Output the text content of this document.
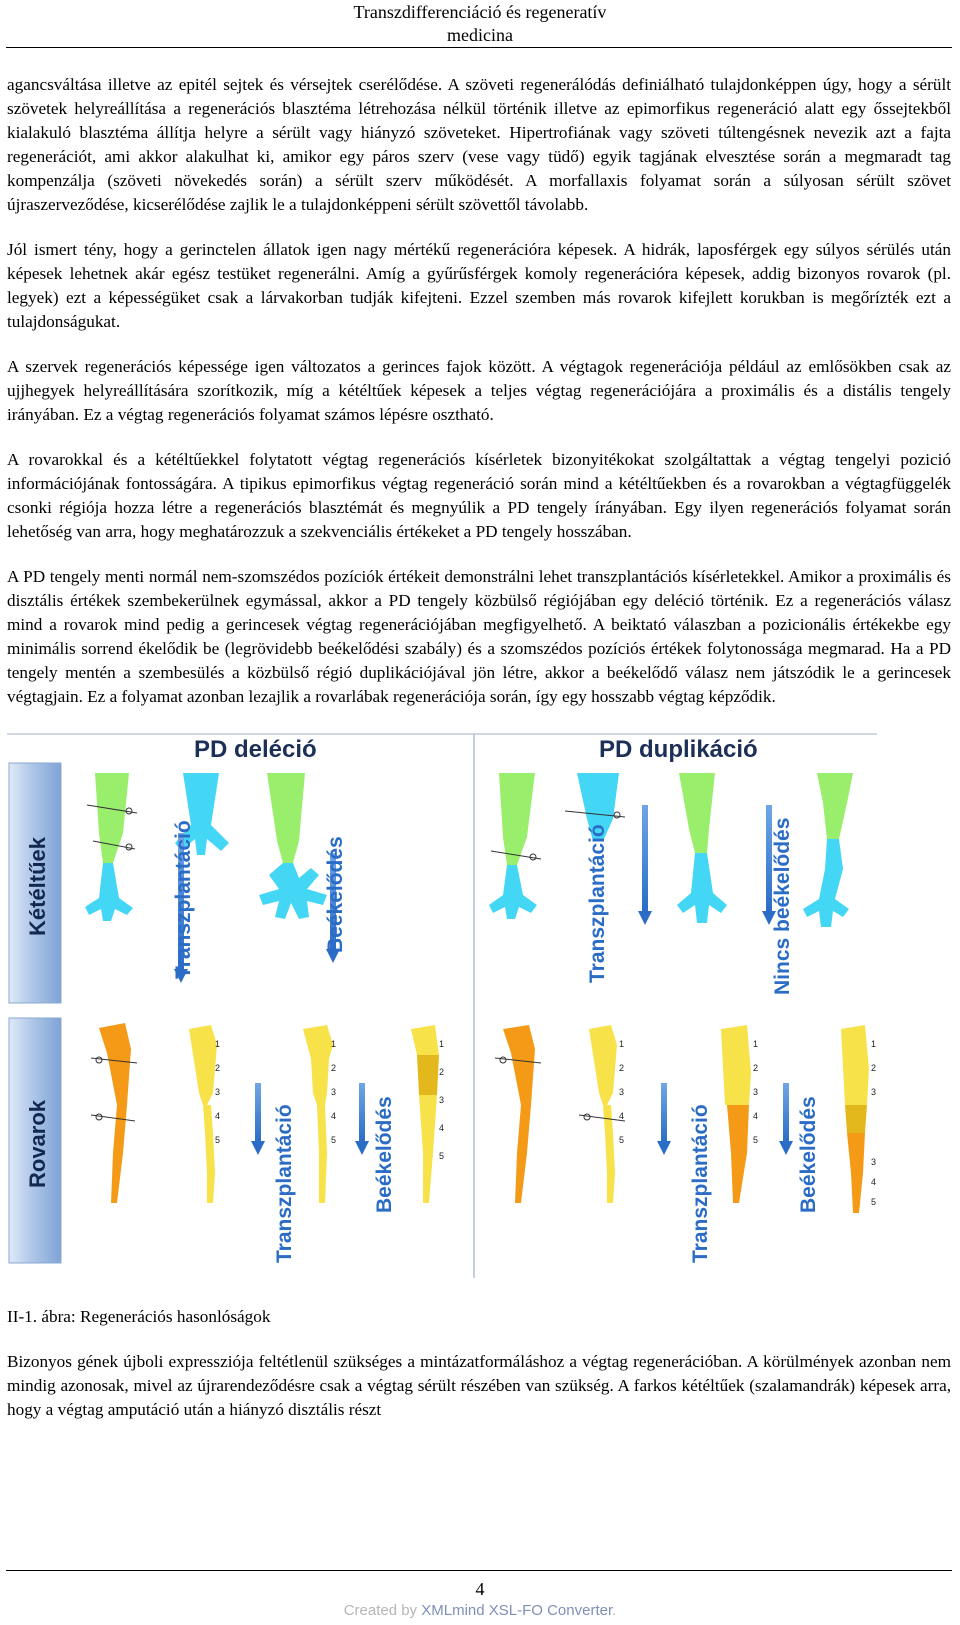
Transzdifferenciáció és regeneratív
medicina

agancsváltása illetve az epitél sejtek és vérsejtek cserélődése. A szöveti regenerálódás definiálható tulajdonképpen úgy, hogy a sérült szövetek helyreállítása a regenerációs blasztéma létrehozása nélkül történik illetve az epimorfikus regeneráció alatt egy őssejtekből kialakuló blasztéma állítja helyre a sérült vagy hiányzó szöveteket. Hipertrofiának vagy szöveti túltengésnek nevezik azt a fajta regenerációt, ami akkor alakulhat ki, amikor egy páros szerv (vese vagy tüdő) egyik tagjának elvesztése során a megmaradt tag kompenzálja (szöveti növekedés során) a sérült szerv működését. A morfallaxis folyamat során a súlyosan sérült szövet újraszerveződése, kicserélődése zajlik le a tulajdonképpeni sérült szövettől távolabb.

Jól ismert tény, hogy a gerinctelen állatok igen nagy mértékű regenerációra képesek. A hidrák, laposférgek egy súlyos sérülés után képesek lehetnek akár egész testüket regenerálni. Amíg a gyűrűsférgek komoly regenerációra képesek, addig bizonyos rovarok (pl. legyek) ezt a képességüket csak a lárvakorban tudják kifejteni. Ezzel szemben más rovarok kifejlett korukban is megőrízték ezt a tulajdonságukat.

A szervek regenerációs képessége igen változatos a gerinces fajok között. A végtagok regenerációja például az emlősökben csak az ujjhegyek helyreállítására szorítkozik, míg a kétéltűek képesek a teljes végtag regenerációjára a proximális és a distális tengely irányában. Ez a végtag regenerációs folyamat számos lépésre osztható.

A rovarokkal és a kétéltűekkel folytatott végtag regenerációs kísérletek bizonyitékokat szolgáltattak a végtag tengelyi pozició információjának fontosságára. A tipikus epimorfikus végtag regeneráció során mind a kétéltűekben és a rovarokban a végtagfüggelék csonki régiója hozza létre a regenerációs blasztémát és megnyúlik a PD tengely írányában. Egy ilyen regenerációs folyamat során lehetőség van arra, hogy meghatározzuk a szekvenciális értékeket a PD tengely hosszában.

A PD tengely menti normál nem-szomszédos pozíciók értékeit demonstrálni lehet transzplantációs kísérletekkel. Amikor a proximális és disztális értékek szembekerülnek egymással, akkor a PD tengely közbülső régiójában egy deléció történik. Ez a regenerációs válasz mind a rovarok mind pedig a gerincesek végtag regenerációjában megfigyelhető. A beiktató válaszban a pozicionális értékekbe egy minimális sorrend ékelődik be (legrövidebb beékelődési szabály) és a szomszédos pozíciós értékek folytonossága megmarad. Ha a PD tengely mentén a szembesülés a közbülső régió duplikációjával jön létre, akkor a beékelődő válasz nem játszódik le a gerincesek végtagjain. Ez a folyamat azonban lezajlik a rovarlábak regenerációja során, így egy hosszabb végtag képződik.

PD deléció	PD duplikáció
Kétéltűek
Rovarok
Transzplantáció	Beékelődés	Transzplantáció	Nincs beékelődés
1
2
3
4
5
1
2
3
4
5
1
2
3
4
5
Transzplantáció	Beékelődés
1
2
3
4
5
1
2
3
4
5
1
2
3
3
4
5
Transzplantáció	Beékelődés

II-1. ábra: Regenerációs hasonlóságok

Bizonyos gének újboli expressziója feltétlenül szükséges a mintázatformáláshoz a végtag regenerációban. A körülmények azonban nem mindig azonosak, mivel az újrarendeződésre csak a végtag sérült részében van szükség. A farkos kétéltűek (szalamandrák) képesek arra, hogy a végtag amputáció után a hiányzó disztális részt

4
Created by XMLmind XSL-FO Converter.
